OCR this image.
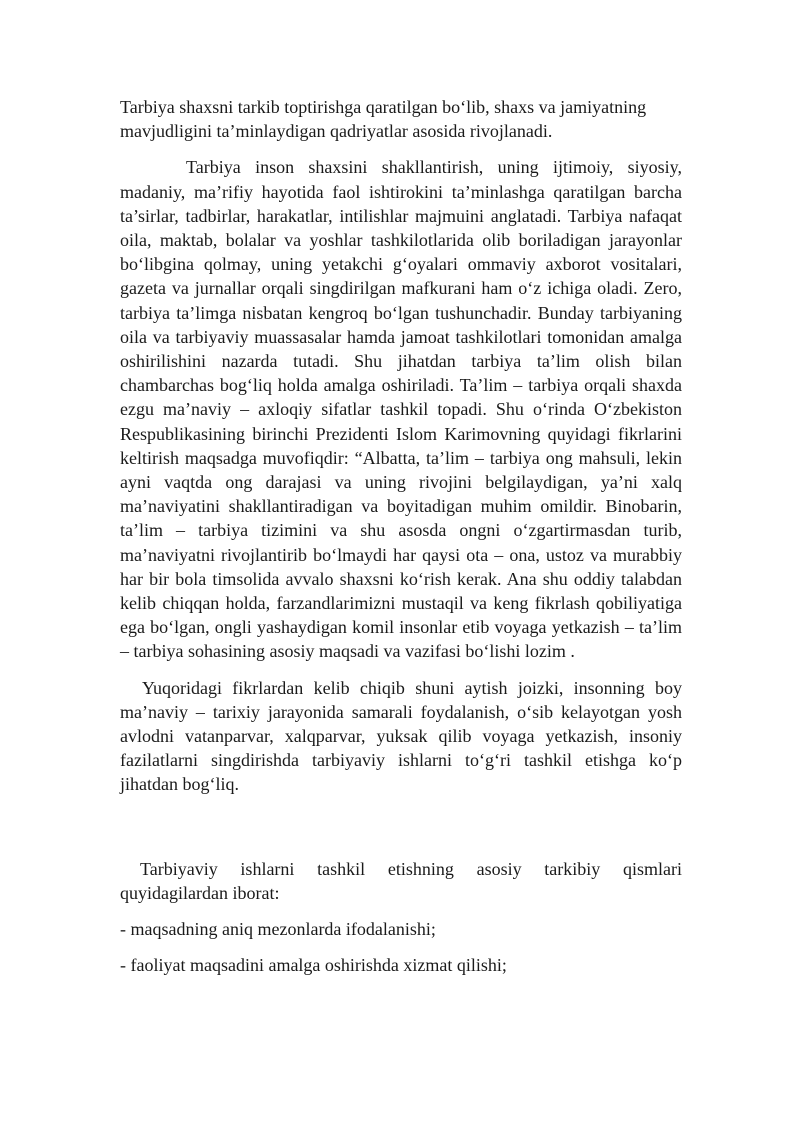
Tarbiya shaxsni tarkib toptirishga qaratilgan bo‘lib, shaxs va jamiyatning mavjudligini ta’minlaydigan qadriyatlar asosida rivojlanadi.

Tarbiya inson shaxsini shakllantirish, uning ijtimoiy, siyosiy, madaniy, ma’rifiy hayotida faol ishtirokini ta’minlashga qaratilgan barcha ta’sirlar, tadbirlar, harakatlar, intilishlar majmuini anglatadi. Tarbiya nafaqat oila, maktab, bolalar va yoshlar tashkilotlarida olib boriladigan jarayonlar bo‘libgina qolmay, uning yetakchi g‘oyalari ommaviy axborot vositalari, gazeta va jurnallar orqali singdirilgan mafkurani ham o‘z ichiga oladi. Zero, tarbiya ta’limga nisbatan kengroq bo‘lgan tushunchadir. Bunday tarbiyaning oila va tarbiyaviy muassasalar hamda jamoat tashkilotlari tomonidan amalga oshirilishini nazarda tutadi. Shu jihatdan tarbiya ta’lim olish bilan chambarchas bog‘liq holda amalga oshiriladi. Ta’lim – tarbiya orqali shaxda ezgu ma’naviy – axloqiy sifatlar tashkil topadi. Shu o‘rinda O‘zbekiston Respublikasining birinchi Prezidenti Islom Karimovning quyidagi fikrlarini keltirish maqsadga muvofiqdir: “Albatta, ta’lim – tarbiya ong mahsuli, lekin ayni vaqtda ong darajasi va uning rivojini belgilaydigan, ya’ni xalq ma’naviyatini shakllantiradigan va boyitadigan muhim omildir. Binobarin, ta’lim – tarbiya tizimini va shu asosda ongni o‘zgartirmasdan turib, ma’naviyatni rivojlantirib bo‘lmaydi har qaysi ota – ona, ustoz va murabbiy har bir bola timsolida avvalo shaxsni ko‘rish kerak. Ana shu oddiy talabdan kelib chiqqan holda, farzandlarimizni mustaqil va keng fikrlash qobiliyatiga ega bo‘lgan, ongli yashaydigan komil insonlar etib voyaga yetkazish – ta’lim – tarbiya sohasining asosiy maqsadi va vazifasi bo‘lishi lozim .

Yuqoridagi fikrlardan kelib chiqib shuni aytish joizki, insonning boy ma’naviy – tarixiy jarayonida samarali foydalanish, o‘sib kelayotgan yosh avlodni vatanparvar, xalqparvar, yuksak qilib voyaga yetkazish, insoniy fazilatlarni singdirishda tarbiyaviy ishlarni to‘g‘ri tashkil etishga ko‘p jihatdan bog‘liq.

Tarbiyaviy ishlarni tashkil etishning asosiy tarkibiy qismlari quyidagilardan iborat:

- maqsadning aniq mezonlarda ifodalanishi;

- faoliyat maqsadini amalga oshirishda xizmat qilishi;
